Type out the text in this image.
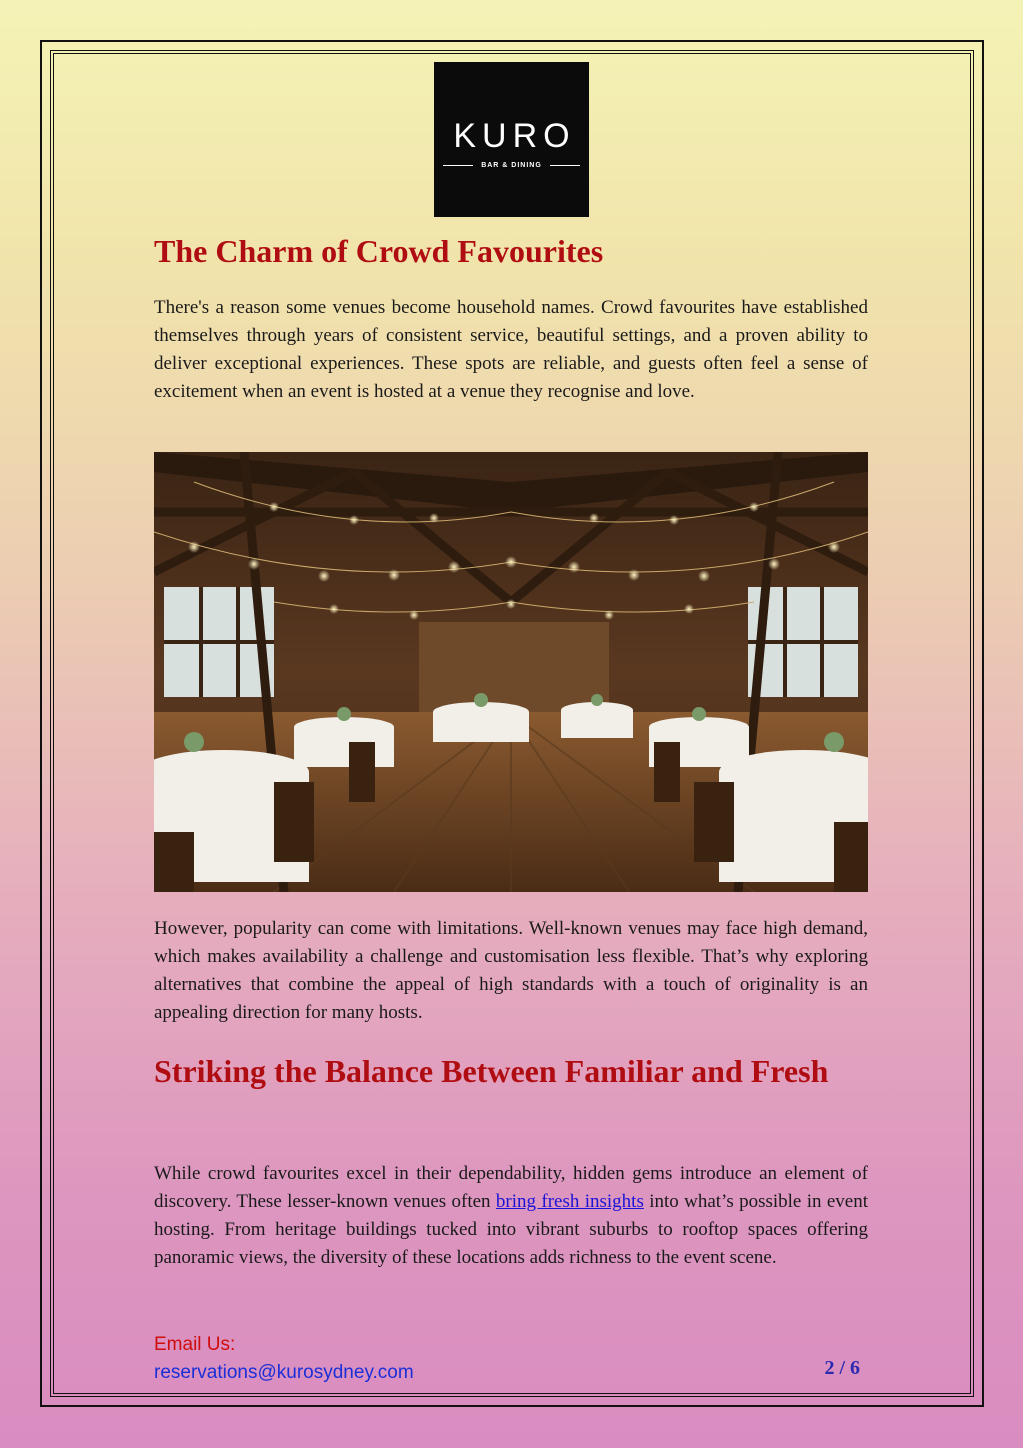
KURO
BAR & DINING
The Charm of Crowd Favourites

There's a reason some venues become household names. Crowd favourites have established themselves through years of consistent service, beautiful settings, and a proven ability to deliver exceptional experiences. These spots are reliable, and guests often feel a sense of excitement when an event is hosted at a venue they recognise and love.

However, popularity can come with limitations. Well-known venues may face high demand, which makes availability a challenge and customisation less flexible. That’s why exploring alternatives that combine the appeal of high standards with a touch of originality is an appealing direction for many hosts.

Striking the Balance Between Familiar and Fresh

While crowd favourites excel in their dependability, hidden gems introduce an element of discovery. These lesser-known venues often bring fresh insights into what’s possible in event hosting. From heritage buildings tucked into vibrant suburbs to rooftop spaces offering panoramic views, the diversity of these locations adds richness to the event scene.

Email Us:

reservations@kurosydney.com	2 / 6
